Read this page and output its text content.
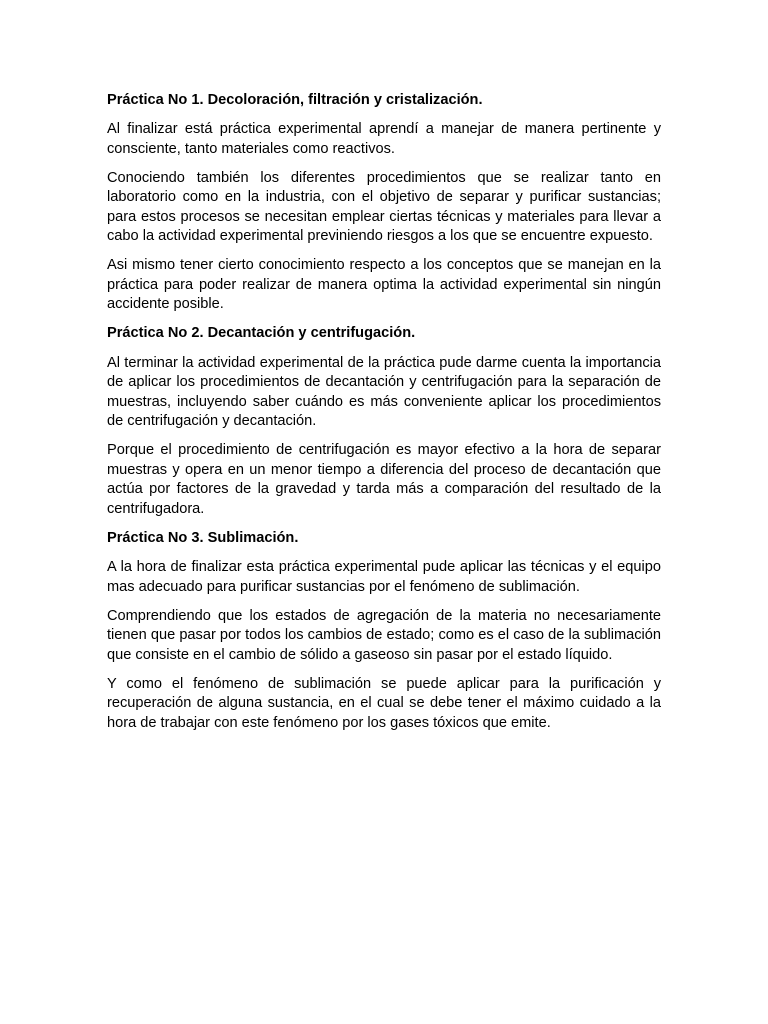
Práctica No 1. Decoloración, filtración y cristalización.

Al finalizar está práctica experimental aprendí a manejar de manera pertinente y consciente, tanto materiales como reactivos.

Conociendo también los diferentes procedimientos que se realizar tanto en laboratorio como en la industria, con el objetivo de separar y purificar sustancias; para estos procesos se necesitan emplear ciertas técnicas y materiales para llevar a cabo la actividad experimental previniendo riesgos a los que se encuentre expuesto.

Asi mismo tener cierto conocimiento respecto a los conceptos que se manejan en la práctica para poder realizar de manera optima la actividad experimental sin ningún accidente posible.

Práctica No 2. Decantación y centrifugación.

Al terminar la actividad experimental de la práctica pude darme cuenta la importancia de aplicar los procedimientos de decantación y centrifugación para la separación de muestras, incluyendo saber cuándo es más conveniente aplicar los procedimientos de centrifugación y decantación.

Porque el procedimiento de centrifugación es mayor efectivo a la hora de separar muestras y opera en un menor tiempo a diferencia del proceso de decantación que actúa por factores de la gravedad y tarda más a comparación del resultado de la centrifugadora.

Práctica No 3. Sublimación.

A la hora de finalizar esta práctica experimental pude aplicar las técnicas y el equipo mas adecuado para purificar sustancias por el fenómeno de sublimación.

Comprendiendo que los estados de agregación de la materia no necesariamente tienen que pasar por todos los cambios de estado; como es el caso de la sublimación que consiste en el cambio de sólido a gaseoso sin pasar por el estado líquido.

Y como el fenómeno de sublimación se puede aplicar para la purificación y recuperación de alguna sustancia, en el cual se debe tener el máximo cuidado a la hora de trabajar con este fenómeno por los gases tóxicos que emite.
